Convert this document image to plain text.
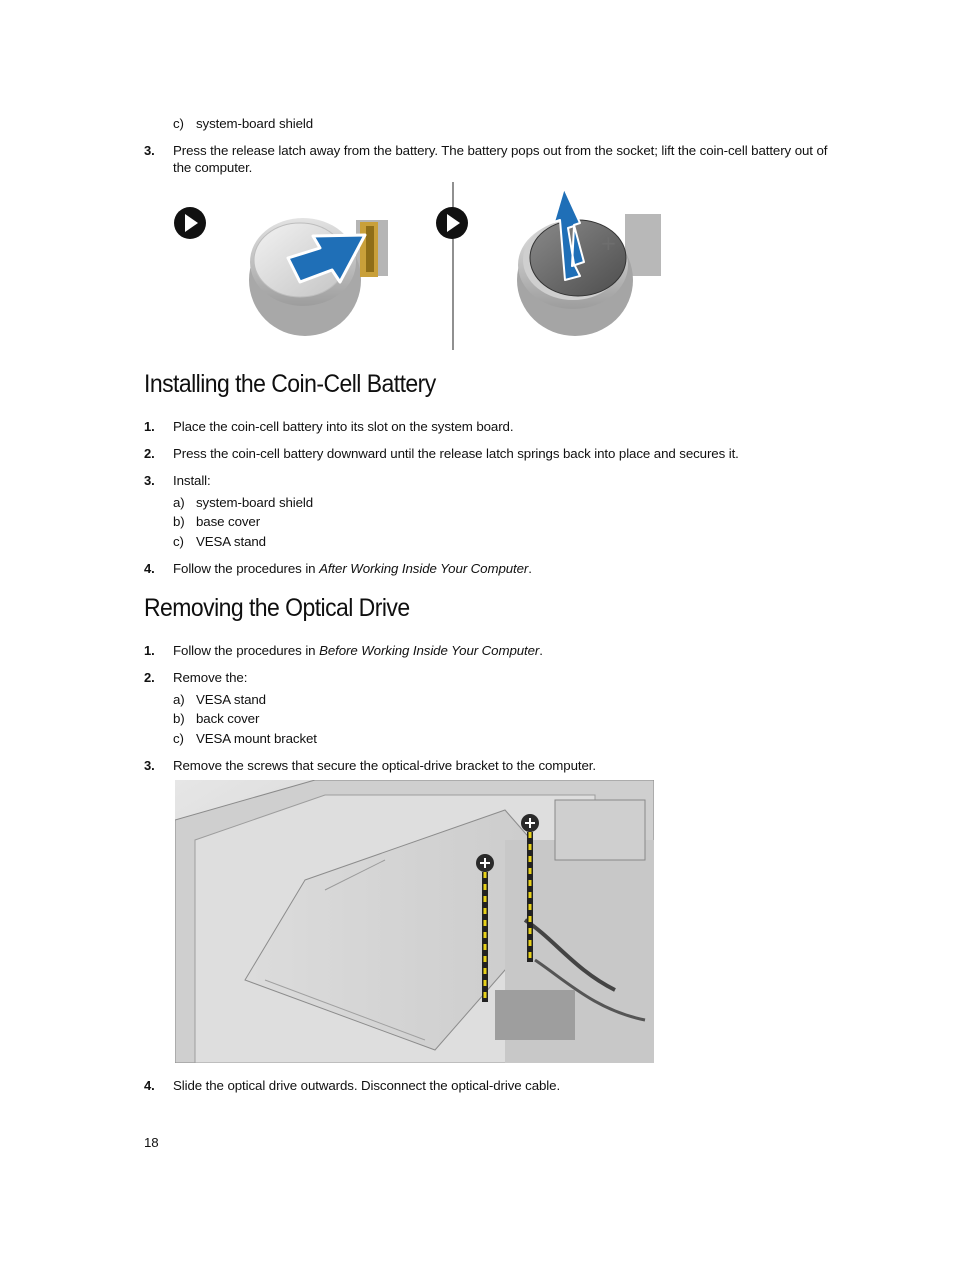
c) system-board shield
3. Press the release latch away from the battery. The battery pops out from the socket; lift the coin-cell battery out of
the computer.
+
Installing the Coin-Cell Battery
1. Place the coin-cell battery into its slot on the system board.
2. Press the coin-cell battery downward until the release latch springs back into place and secures it.
3. Install:
a) system-board shield
b) base cover
c) VESA stand
4. Follow the procedures in After Working Inside Your Computer.
Removing the Optical Drive
1. Follow the procedures in Before Working Inside Your Computer.
2. Remove the:
a) VESA stand
b) back cover
c) VESA mount bracket
3. Remove the screws that secure the optical-drive bracket to the computer.
4. Slide the optical drive outwards. Disconnect the optical-drive cable.
18
